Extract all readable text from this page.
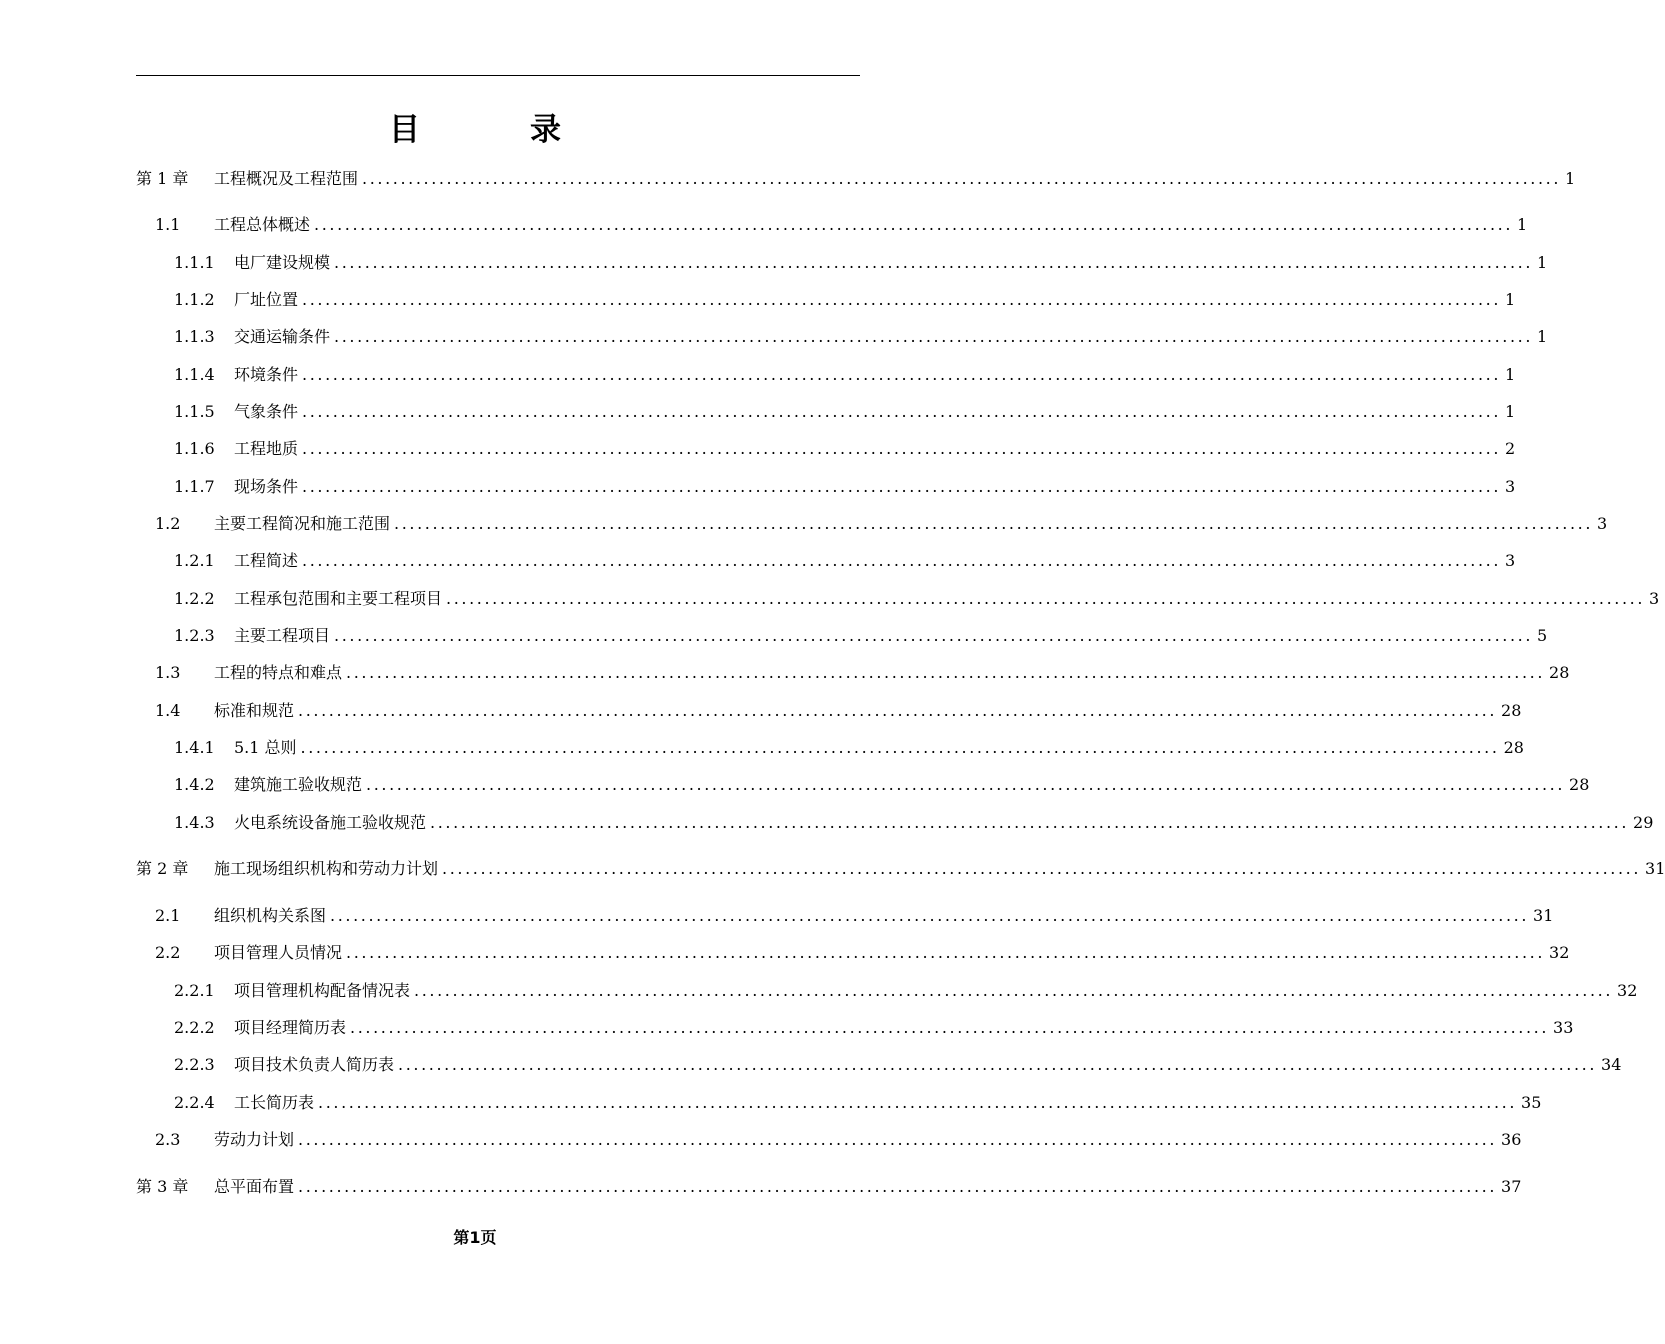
目	录
第 1 章	工程概况及工程范围 ............................................................................................................................................................ 1
1.1	工程总体概述 ............................................................................................................................................................ 1
1.1.1	电厂建设规模 ............................................................................................................................................................ 1
1.1.2	厂址位置 ............................................................................................................................................................ 1
1.1.3	交通运输条件 ............................................................................................................................................................ 1
1.1.4	环境条件 ............................................................................................................................................................ 1
1.1.5	气象条件 ............................................................................................................................................................ 1
1.1.6	工程地质 ............................................................................................................................................................ 2
1.1.7	现场条件 ............................................................................................................................................................ 3
1.2	主要工程简况和施工范围 ............................................................................................................................................................ 3
1.2.1	工程简述 ............................................................................................................................................................ 3
1.2.2	工程承包范围和主要工程项目 ............................................................................................................................................................ 3
1.2.3	主要工程项目 ............................................................................................................................................................ 5
1.3	工程的特点和难点 ............................................................................................................................................................ 28
1.4	标准和规范 ............................................................................................................................................................ 28
1.4.1	5.1 总则 ............................................................................................................................................................ 28
1.4.2	建筑施工验收规范 ............................................................................................................................................................ 28
1.4.3	火电系统设备施工验收规范 ............................................................................................................................................................ 29
第 2 章	施工现场组织机构和劳动力计划 ............................................................................................................................................................ 31
2.1	组织机构关系图 ............................................................................................................................................................ 31
2.2	项目管理人员情况 ............................................................................................................................................................ 32
2.2.1	项目管理机构配备情况表 ............................................................................................................................................................ 32
2.2.2	项目经理简历表 ............................................................................................................................................................ 33
2.2.3	项目技术负责人简历表 ............................................................................................................................................................ 34
2.2.4	工长简历表 ............................................................................................................................................................ 35
2.3	劳动力计划 ............................................................................................................................................................ 36
第 3 章	总平面布置 ............................................................................................................................................................ 37
第1页
